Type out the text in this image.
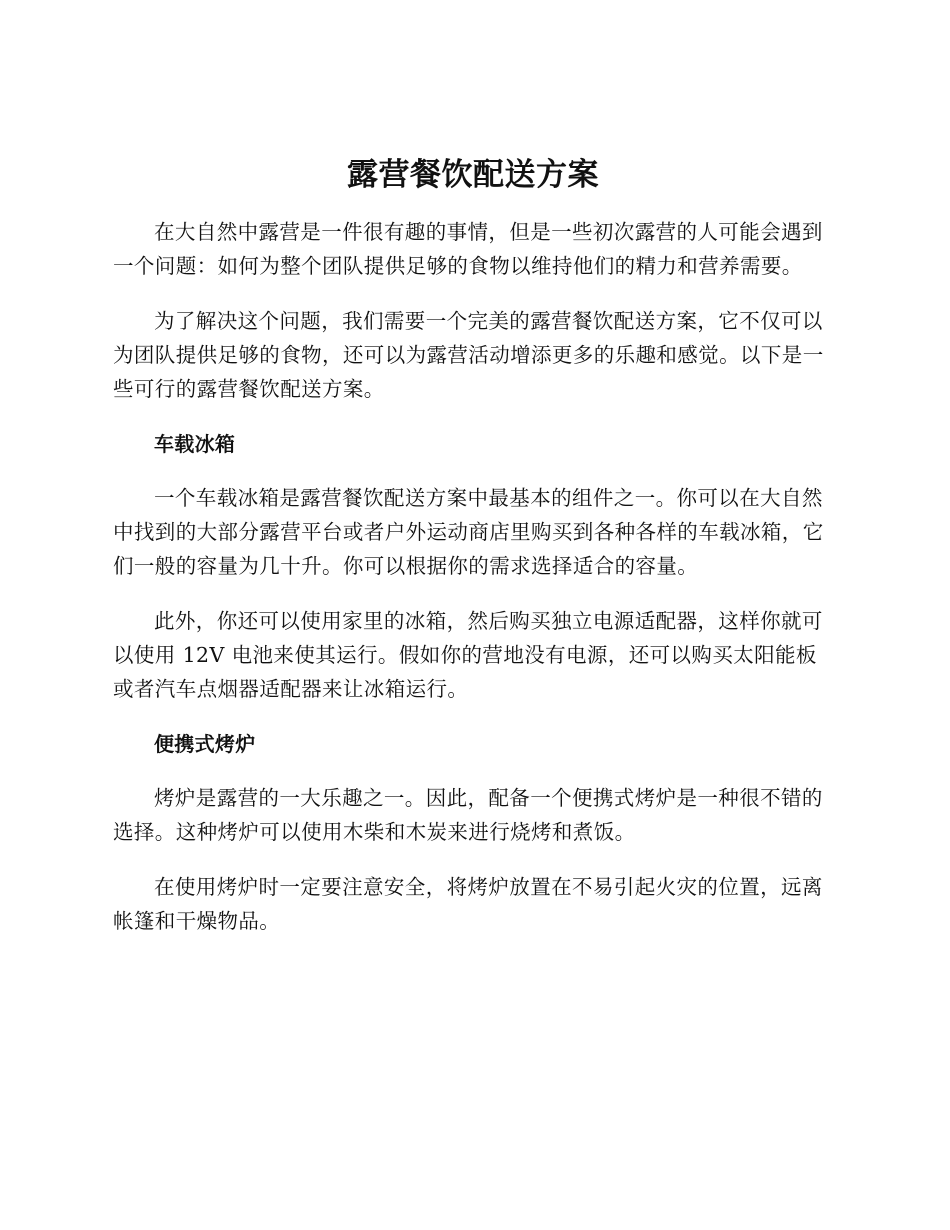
露营餐饮配送方案

在大自然中露营是一件很有趣的事情，但是一些初次露营的人可能会遇到一个问题：如何为整个团队提供足够的食物以维持他们的精力和营养需要。

为了解决这个问题，我们需要一个完美的露营餐饮配送方案，它不仅可以为团队提供足够的食物，还可以为露营活动增添更多的乐趣和感觉。以下是一些可行的露营餐饮配送方案。

车载冰箱

一个车载冰箱是露营餐饮配送方案中最基本的组件之一。你可以在大自然中找到的大部分露营平台或者户外运动商店里购买到各种各样的车载冰箱，它们一般的容量为几十升。你可以根据你的需求选择适合的容量。

此外，你还可以使用家里的冰箱，然后购买独立电源适配器，这样你就可以使用 12V 电池来使其运行。假如你的营地没有电源，还可以购买太阳能板或者汽车点烟器适配器来让冰箱运行。

便携式烤炉

烤炉是露营的一大乐趣之一。因此，配备一个便携式烤炉是一种很不错的选择。这种烤炉可以使用木柴和木炭来进行烧烤和煮饭。

在使用烤炉时一定要注意安全，将烤炉放置在不易引起火灾的位置，远离帐篷和干燥物品。
